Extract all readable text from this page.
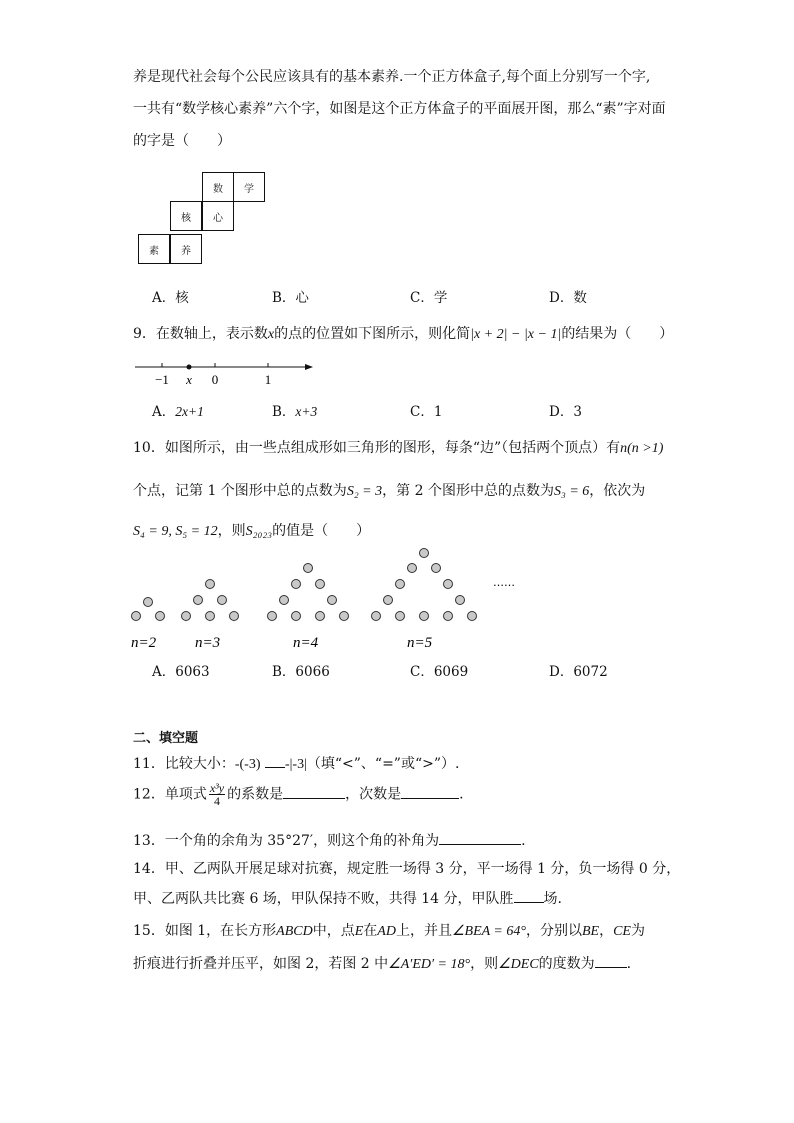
养是现代社会每个公民应该具有的基本素养.一个正方体盒子,每个面上分别写一个字,
一共有“数学核心素养”六个字，如图是这个正方体盒子的平面展开图，那么“素”字对面
的字是（　　）
数	学
核	心
素	养
A．核	B．心	C．学	D．数
9．在数轴上，表示数x的点的位置如下图所示，则化简|x + 2| − |x − 1|的结果为（　　）
−1 x 0	1
A．2x+1	B．x+3	C．1	D．3
10．如图所示，由一些点组成形如三角形的图形，每条“边”（包括两个顶点）有n(n >1)
个点，记第 1 个图形中总的点数为S₂ = 3，第 2 个图形中总的点数为S₃ = 6，依次为
S₄ = 9, S₅ = 12，则S₂₀₂₃的值是（　　）
……
n=2	n=3	n=4	n=5
A．6063	B．6066	C．6069	D．6072
二、填空题
11．比较大小：-(-3) -|-3|（填“<”、“=”或“>”）.
12．单项式 $\frac{\text{x³y}}{4}$ 的系数是	，次数是	.
13．一个角的余角为 35°27′，则这个角的补角为	.
14．甲、乙两队开展足球对抗赛，规定胜一场得 3 分，平一场得 1 分，负一场得 0 分，
甲、乙两队共比赛 6 场，甲队保持不败，共得 14 分，甲队胜 场.
15．如图 1，在长方形ABCD中，点E在AD上，并且∠BEA = 64°，分别以BE，CE为
折痕进行折叠并压平，如图 2，若图 2 中∠A′ED′ = 18°，则∠DEC的度数为 .
